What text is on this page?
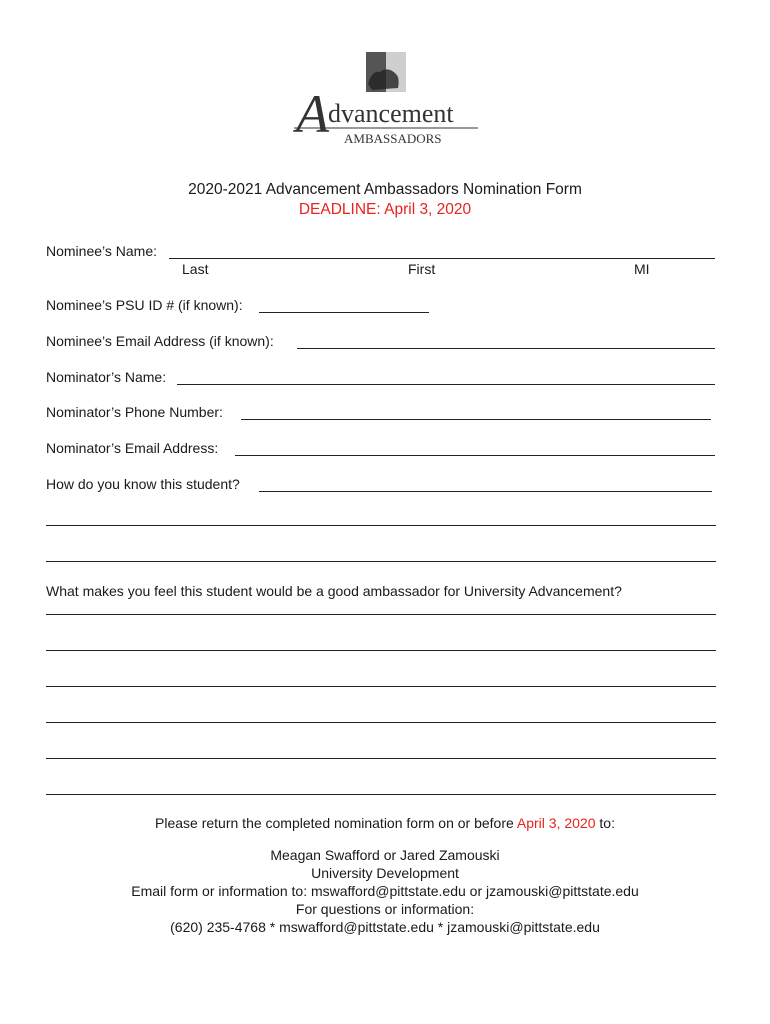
A dvancement
AMBASSADORS
2020-2021 Advancement Ambassadors Nomination Form
DEADLINE: April 3, 2020
Nominee’s Name:
Last	First	MI
Nominee’s PSU ID # (if known):
Nominee’s Email Address (if known):
Nominator’s Name:
Nominator’s Phone Number:
Nominator’s Email Address:
How do you know this student?
What makes you feel this student would be a good ambassador for University Advancement?
Please return the completed nomination form on or before April 3, 2020 to:
Meagan Swafford or Jared Zamouski
University Development
Email form or information to: mswafford@pittstate.edu or jzamouski@pittstate.edu
For questions or information:
(620) 235-4768 * mswafford@pittstate.edu * jzamouski@pittstate.edu
